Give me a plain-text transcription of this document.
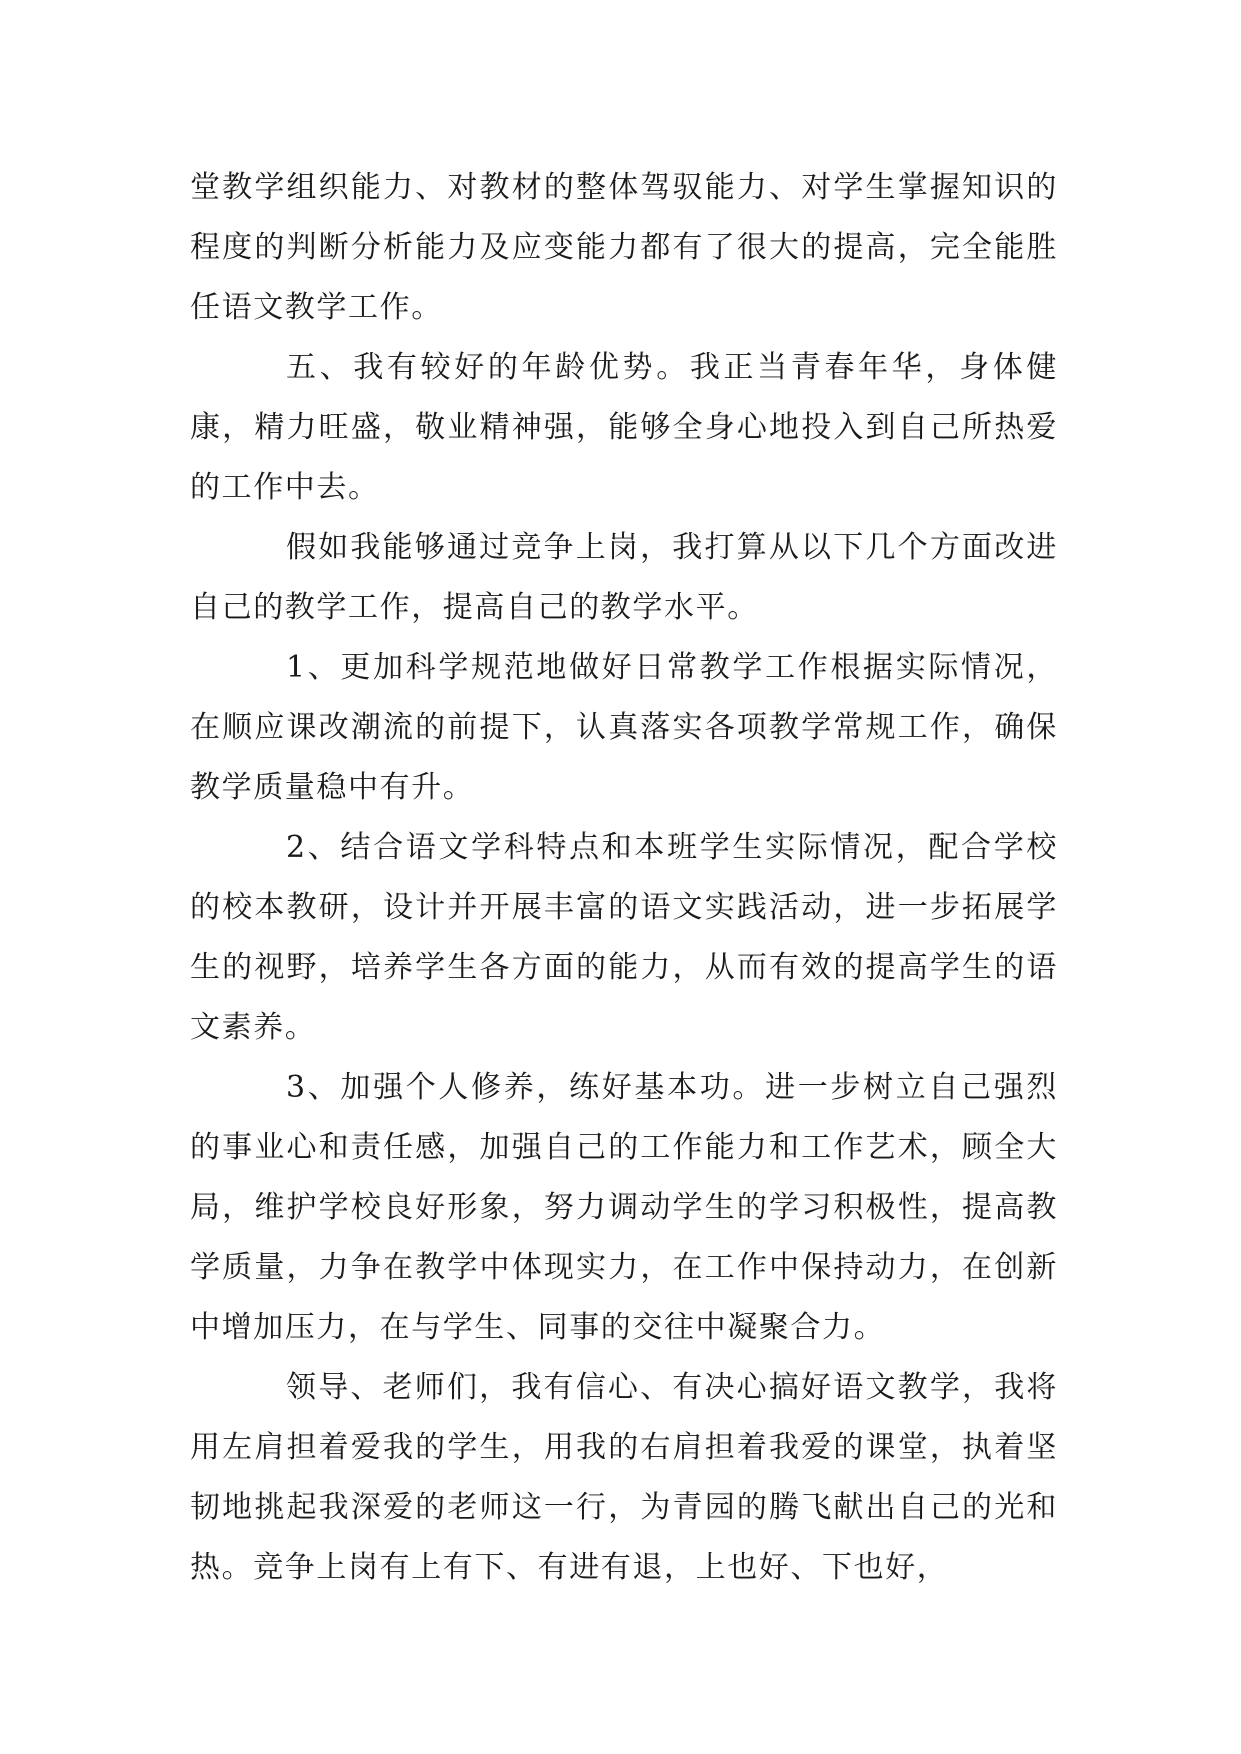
堂教学组织能力、对教材的整体驾驭能力、对学生掌握知识的程度的判断分析能力及应变能力都有了很大的提高，完全能胜任语文教学工作。

五、我有较好的年龄优势。我正当青春年华，身体健康，精力旺盛，敬业精神强，能够全身心地投入到自己所热爱的工作中去。

假如我能够通过竞争上岗，我打算从以下几个方面改进自己的教学工作，提高自己的教学水平。

1、更加科学规范地做好日常教学工作根据实际情况，在顺应课改潮流的前提下，认真落实各项教学常规工作，确保教学质量稳中有升。

2、结合语文学科特点和本班学生实际情况，配合学校的校本教研，设计并开展丰富的语文实践活动，进一步拓展学生的视野，培养学生各方面的能力，从而有效的提高学生的语文素养。

3、加强个人修养，练好基本功。进一步树立自己强烈的事业心和责任感，加强自己的工作能力和工作艺术，顾全大局，维护学校良好形象，努力调动学生的学习积极性，提高教学质量，力争在教学中体现实力，在工作中保持动力，在创新中增加压力，在与学生、同事的交往中凝聚合力。

领导、老师们，我有信心、有决心搞好语文教学，我将用左肩担着爱我的学生，用我的右肩担着我爱的课堂，执着坚韧地挑起我深爱的老师这一行，为青园的腾飞献出自己的光和热。竞争上岗有上有下、有进有退，上也好、下也好，
